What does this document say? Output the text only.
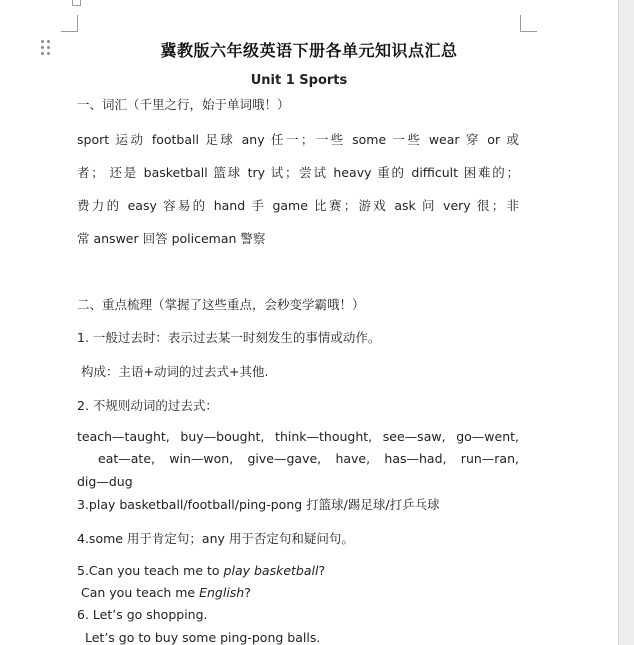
冀教版六年级英语下册各单元知识点汇总
Unit 1 Sports
一、词汇（千里之行，始于单词哦！）
sport 运动 football 足球 any 任一；一些 some 一些 wear 穿 or 或
者； 还是 basketball 篮球 try 试；尝试 heavy 重的 difficult 困难的；
费力的 easy 容易的 hand 手 game 比赛；游戏 ask 问 very 很；非
常 answer 回答 policeman 警察
二、重点梳理（掌握了这些重点，会秒变学霸哦！）
1. 一般过去时：表示过去某一时刻发生的事情或动作。
构成：主语+动词的过去式+其他.
2. 不规则动词的过去式：
teach—taught, buy—bought, think—thought, see—saw, go—went,
eat—ate, win—won, give—gave, have, has—had, run—ran,
dig—dug
3.play basketball/football/ping-pong 打篮球/踢足球/打乒乓球
4.some 用于肯定句；any 用于否定句和疑问句。
5.Can you teach me to play basketball?
Can you teach me English?
6. Let’s go shopping.
Let’s go to buy some ping-pong balls.
